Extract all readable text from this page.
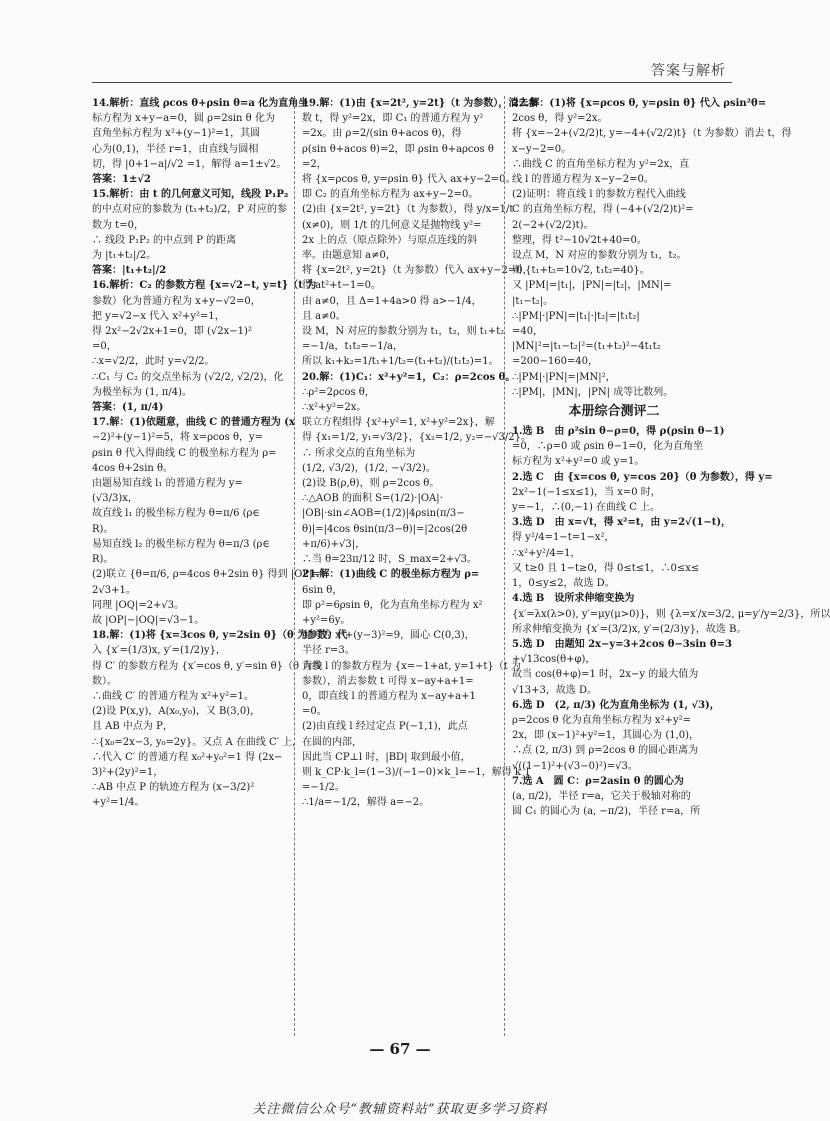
答案与解析
14.解析：直线 ρcos θ+ρsin θ=a 化为直角坐
标方程为 x+y−a=0，圆 ρ=2sin θ 化为
直角坐标方程为 x²+(y−1)²=1，其圆
心为(0,1)，半径 r=1，由直线与圆相
切，得 |0+1−a|/√2 =1，解得 a=1±√2。
答案：1±√2
15.解析：由 t 的几何意义可知，线段 P₁P₂
的中点对应的参数为 (t₁+t₂)/2，P 对应的参
数为 t=0，
∴ 线段 P₁P₂ 的中点到 P 的距离
为 |t₁+t₂|/2。
答案：|t₁+t₂|/2
16.解析：C₂ 的参数方程 {x=√2−t, y=t}（t 为
参数）化为普通方程为 x+y−√2=0，
把 y=√2−x 代入 x²+y²=1，
得 2x²−2√2x+1=0，即 (√2x−1)²
=0，
∴x=√2/2，此时 y=√2/2。
∴C₁ 与 C₂ 的交点坐标为 (√2/2, √2/2)，化
为极坐标为 (1, π/4)。
答案：(1, π/4)
17.解：(1)依题意，曲线 C 的普通方程为 (x
−2)²+(y−1)²=5，将 x=ρcos θ，y=
ρsin θ 代入得曲线 C 的极坐标方程为 ρ=
4cos θ+2sin θ。
由题易知直线 l₁ 的普通方程为 y=
(√3/3)x，
故直线 l₁ 的极坐标方程为 θ=π/6 (ρ∈
R)。
易知直线 l₂ 的极坐标方程为 θ=π/3 (ρ∈
R)。
(2)联立 {θ=π/6, ρ=4cos θ+2sin θ} 得到 |OP|=
2√3+1。
同理 |OQ|=2+√3。
故 |OP|−|OQ|=√3−1。
18.解：(1)将 {x=3cos θ, y=2sin θ}（θ 为参数）代
入 {x′=(1/3)x, y′=(1/2)y}，
得 C′ 的参数方程为 {x′=cos θ, y′=sin θ}（θ 为参
数）。
∴曲线 C′ 的普通方程为 x²+y²=1。
(2)设 P(x,y)，A(x₀,y₀)，又 B(3,0)，
且 AB 中点为 P，
∴{x₀=2x−3, y₀=2y}。又点 A 在曲线 C′ 上，
∴代入 C′ 的普通方程 x₀²+y₀²=1 得 (2x−
3)²+(2y)²=1，
∴AB 中点 P 的轨迹方程为 (x−3/2)²
+y²=1/4。
19.解：(1)由 {x=2t², y=2t}（t 为参数），消去参
数 t，得 y²=2x，即 C₁ 的普通方程为 y²
=2x。由 ρ=2/(sin θ+acos θ)，得
ρ(sin θ+acos θ)=2，即 ρsin θ+aρcos θ
=2，
将 {x=ρcos θ, y=ρsin θ} 代入 ax+y−2=0。
即 C₂ 的直角坐标方程为 ax+y−2=0。
(2)由 {x=2t², y=2t}（t 为参数），得 y/x=1/t
(x≠0)，则 1/t 的几何意义是抛物线 y²=
2x 上的点（原点除外）与原点连线的斜
率。由题意知 a≠0，
将 {x=2t², y=2t}（t 为参数）代入 ax+y−2=0，
得 at²+t−1=0。
由 a≠0，且 Δ=1+4a>0 得 a>−1/4，
且 a≠0。
设 M，N 对应的参数分别为 t₁，t₂，则 t₁+t₂
=−1/a，t₁t₂=−1/a，
所以 k₁+k₂=1/t₁+1/t₂=(t₁+t₂)/(t₁t₂)=1。
20.解：(1)C₁：x²+y²=1，C₂：ρ=2cos θ。
∴ρ²=2ρcos θ，
∴x²+y²=2x。
联立方程组得 {x²+y²=1, x²+y²=2x}，解
得 {x₁=1/2, y₁=√3/2}，{x₂=1/2, y₂=−√3/2}。
∴ 所求交点的直角坐标为
(1/2, √3/2)，(1/2, −√3/2)。
(2)设 B(ρ,θ)，则 ρ=2cos θ。
∴△AOB 的面积 S=(1/2)·|OA|·
|OB|·sin∠AOB=(1/2)|4ρsin(π/3−
θ)|=|4cos θsin(π/3−θ)|=|2cos(2θ
+π/6)+√3|，
∴当 θ=23π/12 时，S_max=2+√3。
21.解：(1)曲线 C 的极坐标方程为 ρ=
6sin θ，
即 ρ²=6ρsin θ，化为直角坐标方程为 x²
+y²=6y。
配方为 x²+(y−3)²=9，圆心 C(0,3)，
半径 r=3。
直线 l 的参数方程为 {x=−1+at, y=1+t}（t 为
参数），消去参数 t 可得 x−ay+a+1=
0，即直线 l 的普通方程为 x−ay+a+1
=0。
(2)由直线 l 经过定点 P(−1,1)，此点
在圆的内部，
因此当 CP⊥l 时，|BD| 取到最小值，
则 k_CP·k_l=(1−3)/(−1−0)×k_l=−1，解得 k_l
=−1/2。
∴1/a=−1/2，解得 a=−2。
22.解：(1)将 {x=ρcos θ, y=ρsin θ} 代入 ρsin²θ=
2cos θ，得 y²=2x。
将 {x=−2+(√2/2)t, y=−4+(√2/2)t}（t 为参数）消去 t，得
x−y−2=0。
∴曲线 C 的直角坐标方程为 y²=2x，直
线 l 的普通方程为 x−y−2=0。
(2)证明：将直线 l 的参数方程代入曲线
C 的直角坐标方程，得 (−4+(√2/2)t)²=
2(−2+(√2/2)t)。
整理，得 t²−10√2t+40=0。
设点 M，N 对应的参数分别为 t₁，t₂。
则 {t₁+t₂=10√2, t₁t₂=40}。
又 |PM|=|t₁|，|PN|=|t₂|，|MN|=
|t₁−t₂|。
∴|PM|·|PN|=|t₁|·|t₂|=|t₁t₂|
=40，
|MN|²=|t₁−t₂|²=(t₁+t₂)²−4t₁t₂
=200−160=40，
∴|PM|·|PN|=|MN|²，
∴|PM|，|MN|，|PN| 成等比数列。
本册综合测评二
1.选 B　由 ρ²sin θ−ρ=0，得 ρ(ρsin θ−1)
=0，∴ρ=0 或 ρsin θ−1=0，化为直角坐
标方程为 x²+y²=0 或 y=1。
2.选 C　由 {x=cos θ, y=cos 2θ}（θ 为参数），得 y=
2x²−1(−1≤x≤1)，当 x=0 时，
y=−1，∴(0,−1) 在曲线 C 上。
3.选 D　由 x=√t，得 x²=t，由 y=2√(1−t)，
得 y²/4=1−t=1−x²，
∴x²+y²/4=1，
又 t≥0 且 1−t≥0，得 0≤t≤1，∴0≤x≤
1，0≤y≤2，故选 D。
4.选 B　设所求伸缩变换为
{x′=λx(λ>0), y′=μy(μ>0)}，则 {λ=x′/x=3/2, μ=y′/y=2/3}，所以
所求伸缩变换为 {x′=(3/2)x, y′=(2/3)y}，故选 B。
5.选 D　由题知 2x−y=3+2cos θ−3sin θ=3
+√13cos(θ+φ)，
故当 cos(θ+φ)=1 时，2x−y 的最大值为
√13+3，故选 D。
6.选 D　(2, π/3) 化为直角坐标为 (1, √3)，
ρ=2cos θ 化为直角坐标方程为 x²+y²=
2x，即 (x−1)²+y²=1，其圆心为 (1,0)，
∴点 (2, π/3) 到 ρ=2cos θ 的圆心距离为
√((1−1)²+(√3−0)²)=√3。
7.选 A　圆 C：ρ=2asin θ 的圆心为
(a, π/2)，半径 r=a，它关于极轴对称的
圆 C₁ 的圆心为 (a, −π/2)，半径 r=a，所
— 67 —
关注微信公众号“教辅资料站”获取更多学习资料
